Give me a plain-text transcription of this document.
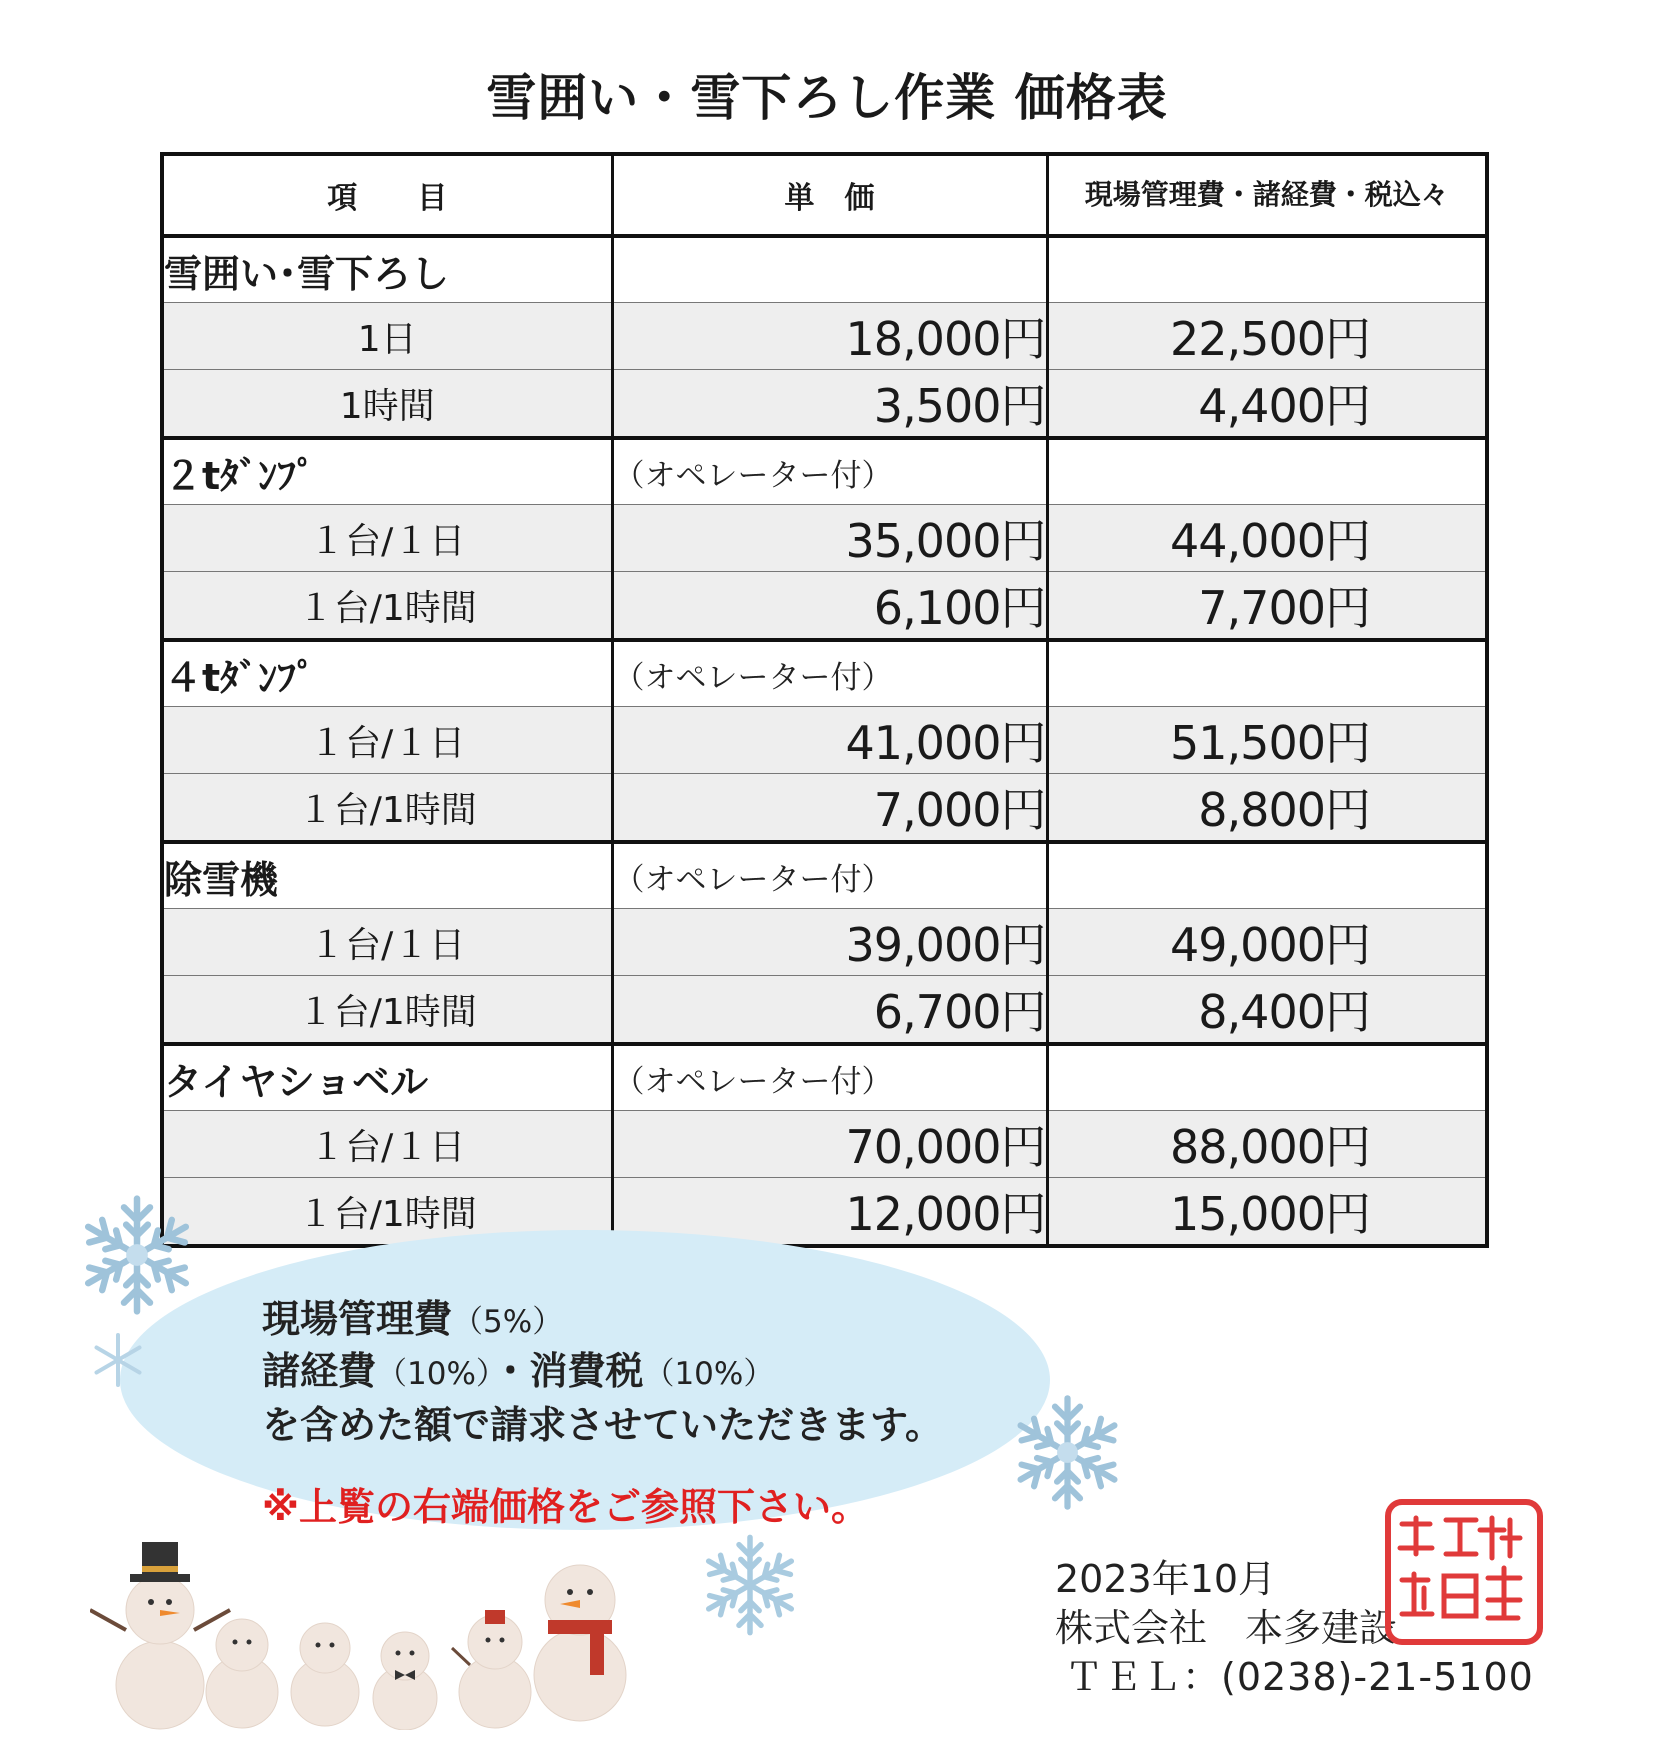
雪囲い・雪下ろし作業 価格表
項　　目	単　価	現場管理費・諸経費・税込々
雪囲い･雪下ろし		
1日	18,000円	22,500円
1時間	3,500円	4,400円
２tﾀﾞﾝﾌﾟ	（オペレーター付）	
１台/１日	35,000円	44,000円
１台/1時間	6,100円	7,700円
４tﾀﾞﾝﾌﾟ	（オペレーター付）	
１台/１日	41,000円	51,500円
１台/1時間	7,000円	8,800円
除雪機	（オペレーター付）	
１台/１日	39,000円	49,000円
１台/1時間	6,700円	8,400円
タイヤショベル	（オペレーター付）	
１台/１日	70,000円	88,000円
１台/1時間	12,000円	15,000円
現場管理費（5%）
諸経費（10%）・消費税（10%）
を含めた額で請求させていただきます。
※上覧の右端価格をご参照下さい。
2023年10月
株式会社　本多建設
ＴＥＬ：(0238)-21-5100
